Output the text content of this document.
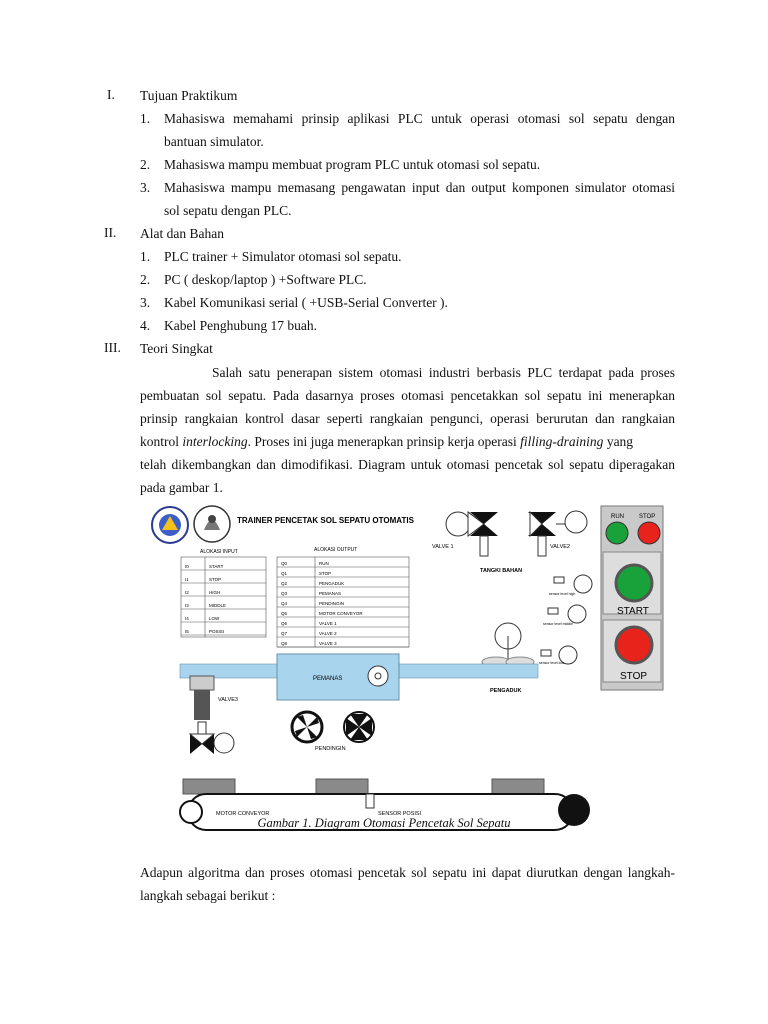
I. Tujuan Praktikum
1. Mahasiswa memahami prinsip aplikasi PLC untuk operasi otomasi sol sepatu dengan
bantuan simulator.
2. Mahasiswa mampu membuat program PLC untuk otomasi sol sepatu.
3. Mahasiswa mampu memasang pengawatan input dan output komponen simulator otomasi
sol sepatu dengan PLC.
II. Alat dan Bahan
1. PLC trainer + Simulator otomasi sol sepatu.
2. PC ( deskop/laptop ) +Software PLC.
3. Kabel Komunikasi serial ( +USB-Serial Converter ).
4. Kabel Penghubung 17 buah.
III. Teori Singkat
Salah satu penerapan sistem otomasi industri berbasis PLC terdapat pada proses
pembuatan sol sepatu. Pada dasarnya proses otomasi pencetakkan sol sepatu ini menerapkan
prinsip rangkaian kontrol dasar seperti rangkaian pengunci, operasi berurutan dan rangkaian
kontrol interlocking. Proses ini juga menerapkan prinsip kerja operasi filling-draining yang
telah dikembangkan dan dimodifikasi. Diagram untuk otomasi pencetak sol sepatu diperagakan
pada gambar 1.
TRAINER PENCETAK SOL SEPATU OTOMATIS
ALOKASI INPUT
I0	START
I1	STOP
I2	HIGH
I3	MIDDLE
I4	LOW
I5	POSISI
ALOKASI OUTPUT
Q0	RUN
Q1	STOP
Q2	PENGADUK
Q3	PEMANAS
Q4	PENDINGIN
Q5	MOTOR CONVEYOR
Q6	VALVE 1
Q7	VALVE 2
Q8	VALVE 3
VALVE 1	VALVE2
TANGKI BAHAN
sensor level high
sensor level middle
sensor level low
PENGADUK
PEMANAS
VALVE3
PENDINGIN
MOTOR CONVEYOR	SENSOR POSISI
RUN	STOP
START
STOP
Gambar 1. Diagram Otomasi Pencetak Sol Sepatu
Adapun algoritma dan proses otomasi pencetak sol sepatu ini dapat diurutkan dengan langkah-
langkah sebagai berikut :
